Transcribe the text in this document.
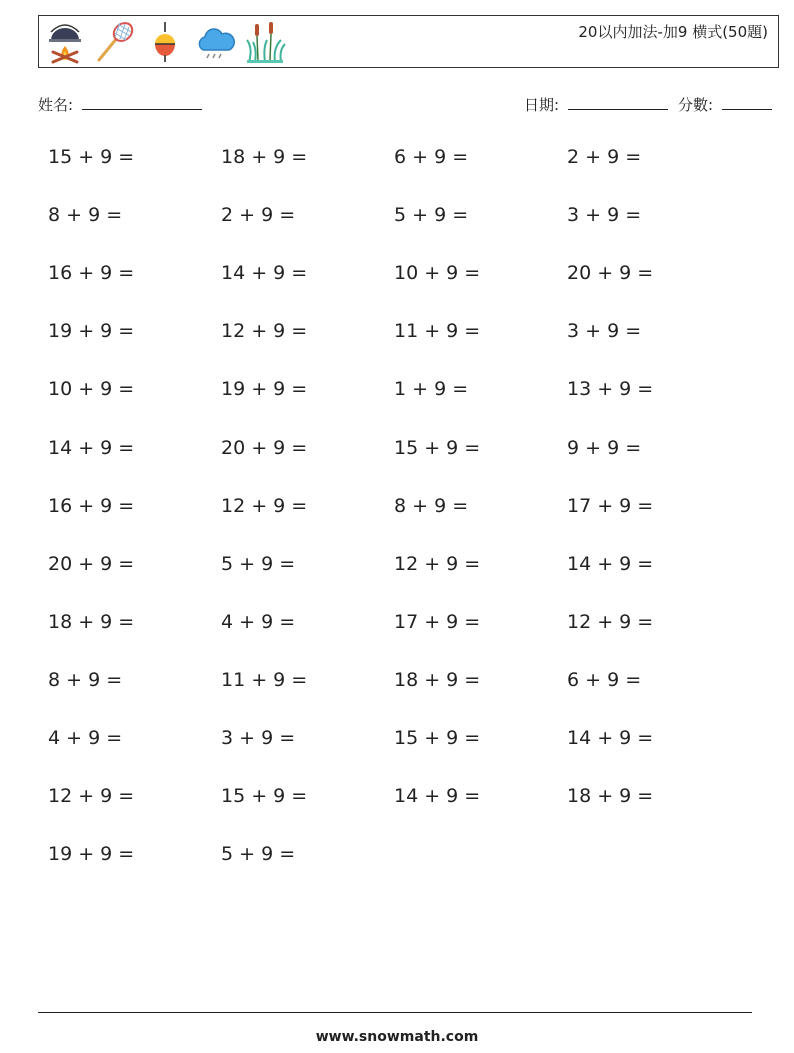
20以内加法-加9 横式(50題)
姓名:	日期:	分數:
15 + 9 =	18 + 9 =	6 + 9 =	2 + 9 =
8 + 9 =	2 + 9 =	5 + 9 =	3 + 9 =
16 + 9 =	14 + 9 =	10 + 9 =	20 + 9 =
19 + 9 =	12 + 9 =	11 + 9 =	3 + 9 =
10 + 9 =	19 + 9 =	1 + 9 =	13 + 9 =
14 + 9 =	20 + 9 =	15 + 9 =	9 + 9 =
16 + 9 =	12 + 9 =	8 + 9 =	17 + 9 =
20 + 9 =	5 + 9 =	12 + 9 =	14 + 9 =
18 + 9 =	4 + 9 =	17 + 9 =	12 + 9 =
8 + 9 =	11 + 9 =	18 + 9 =	6 + 9 =
4 + 9 =	3 + 9 =	15 + 9 =	14 + 9 =
12 + 9 =	15 + 9 =	14 + 9 =	18 + 9 =
19 + 9 =	5 + 9 =
www.snowmath.com
